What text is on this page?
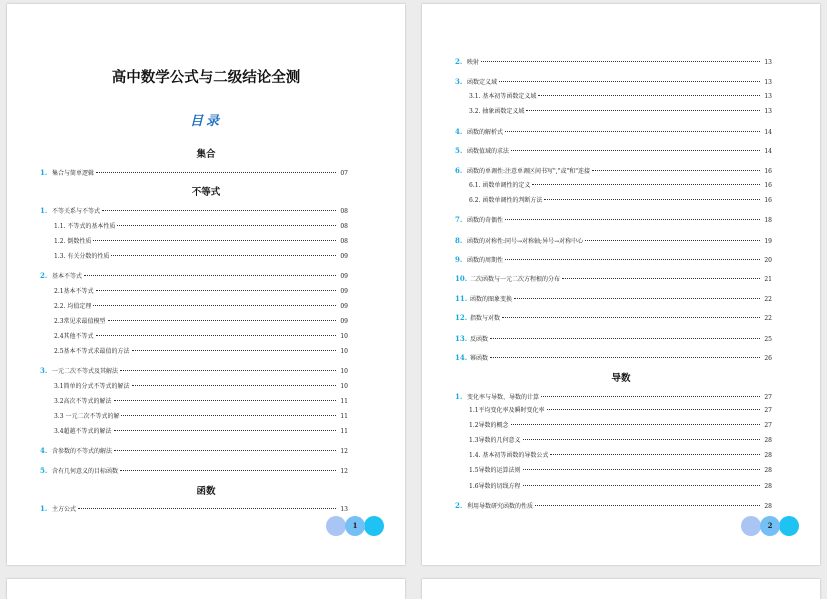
高中数学公式与二级结论全测
目录
集合
1. 集合与简单逻辑	07
不等式
1. 不等关系与不等式	08
1.1. 不等式的基本性质	08
1.2. 倒数性质	08
1.3. 有关分数的性质	09
2. 基本不等式	09
2.1基本不等式	09
2.2. 均值定理	09
2.3常见求最值模型	09
2.4其他不等式	10
2.5基本不等式求最值的方法	10
3. 一元二次不等式及其解法	10
3.1简单的分式不等式的解法	10
3.2高次不等式的解法	11
3.3 一元二次不等式的解	11
3.4超越不等式的解法	11
4. 含参数的不等式的解法	12
5. 含有几何意义的目标函数	12
函数
1. 主方公式	13
1
2. 映射	13
3. 函数定义域	13
3.1. 基本初等函数定义域	13
3.2. 抽象函数定义域	13
4. 函数的解析式	14
5. 函数值域的求法	14
6. 函数的单调性:注意单调区间书写","或"和"连接	16
6.1. 函数单调性的定义	16
6.2. 函数单调性的判断方法	16
7. 函数的奇偶性	18
8. 函数的对称性:同号→对称轴;异号→对称中心	19
9. 函数的周期性	20
10. 二次函数与一元二次方程根的分布	21
11. 函数的图象变换	22
12. 指数与对数	22
13. 反函数	25
14. 幂函数	26
导数
1. 变化率与导数、导数的计算	27
1.1平均变化率及瞬时变化率	27
1.2导数的概念	27
1.3导数的几何意义	28
1.4. 基本初等函数的导数公式	28
1.5导数的运算法则	28
1.6导数的切线方程	28
2. 利用导数研究函数的性质	28
2
